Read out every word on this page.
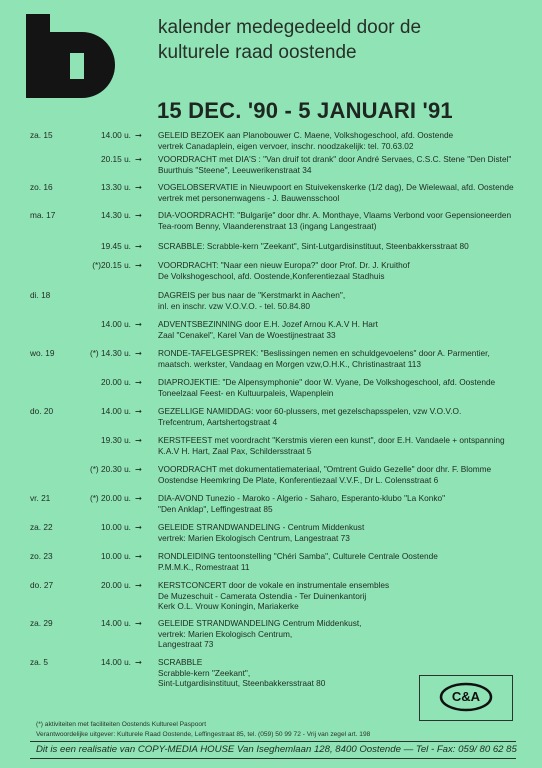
kalender medegedeeld door de
kulturele raad oostende
15 DEC. '90 - 5 JANUARI '91
za. 15	14.00 u. ➞ GELEID BEZOEK aan Planobouwer C. Maene, Volkshogeschool, afd. Oostende
vertrek Canadaplein, eigen vervoer, inschr. noodzakelijk: tel. 70.63.02
20.15 u. ➞ VOORDRACHT met DIA'S : "Van druif tot drank" door André Servaes, C.S.C. Stene "Den Distel"
Buurthuis "Steene", Leeuwerikenstraat 34
zo. 16	13.30 u. ➞ VOGELOBSERVATIE in Nieuwpoort en Stuivekenskerke (1/2 dag), De Wielewaal, afd. Oostende
vertrek met personenwagens - J. Bauwensschool
ma. 17	14.30 u. ➞ DIA-VOORDRACHT: "Bulgarije" door dhr. A. Monthaye, Vlaams Verbond voor Gepensioneerden
Tea-room Benny, Vlaanderenstraat 13 (ingang Langestraat)
19.45 u. ➞ SCRABBLE: Scrabble-kern "Zeekant", Sint-Lutgardisinstituut, Steenbakkersstraat 80
(*)20.15 u. ➞ VOORDRACHT: "Naar een nieuw Europa?" door Prof. Dr. J. Kruithof
De Volkshogeschool, afd. Oostende,Konferentiezaal Stadhuis
di. 18	DAGREIS per bus naar de "Kerstmarkt in Aachen",
inl. en inschr. vzw V.O.V.O. - tel. 50.84.80
14.00 u. ➞ ADVENTSBEZINNING door E.H. Jozef Arnou K.A.V H. Hart
Zaal "Cenakel", Karel Van de Woestijnestraat 33
wo. 19	(*) 14.30 u. ➞ RONDE-TAFELGESPREK: "Beslissingen nemen en schuldgevoelens" door A. Parmentier,
maatsch. werkster, Vandaag en Morgen vzw,O.H.K., Christinastraat 113
20.00 u. ➞ DIAPROJEKTIE: "De Alpensymphonie" door W. Vyane, De Volkshogeschool, afd. Oostende
Toneelzaal Feest- en Kultuurpaleis, Wapenplein
do. 20	14.00 u. ➞ GEZELLIGE NAMIDDAG: voor 60-plussers, met gezelschapsspelen, vzw V.O.V.O.
Trefcentrum, Aartshertogstraat 4
19.30 u. ➞ KERSTFEEST met voordracht "Kerstmis vieren een kunst", door E.H. Vandaele + ontspanning
K.A.V H. Hart, Zaal Pax, Schildersstraat 5
(*) 20.30 u. ➞ VOORDRACHT met dokumentatiemateriaal, "Omtrent Guido Gezelle" door dhr. F. Blomme
Oostendse Heemkring De Plate, Konferentiezaal V.V.F., Dr L. Colensstraat 6
vr. 21	(*) 20.00 u. ➞ DIA-AVOND Tunezio - Maroko - Algerio - Saharo, Esperanto-klubo "La Konko"
"Den Anklap", Leffingestraat 85
za. 22	10.00 u. ➞ GELEIDE STRANDWANDELING - Centrum Middenkust
vertrek: Marien Ekologisch Centrum, Langestraat 73
zo. 23	10.00 u. ➞ RONDLEIDING tentoonstelling "Chéri Samba", Culturele Centrale Oostende
P.M.M.K., Romestraat 11
do. 27	20.00 u. ➞ KERSTCONCERT door de vokale en instrumentale ensembles
De Muzeschuit - Camerata Ostendia - Ter Duinenkantorij
Kerk O.L. Vrouw Koningin, Mariakerke
za. 29	14.00 u. ➞ GELEIDE STRANDWANDELING Centrum Middenkust,
vertrek: Marien Ekologisch Centrum,
Langestraat 73
za. 5	14.00 u. ➞ SCRABBLE
Scrabble-kern "Zeekant",
Sint-Lutgardisinstituut, Steenbakkersstraat 80
C&A
(*) aktiviteiten met faciliteiten Oostends Kultureel Paspoort
Verantwoordelijke uitgever: Kulturele Raad Oostende, Leffingestraat 85, tel. (059) 50 99 72 - Vrij van zegel art. 198
Dit is een realisatie van COPY-MEDIA HOUSE Van Iseghemlaan 128, 8400 Oostende — Tel - Fax: 059/ 80 62 85
